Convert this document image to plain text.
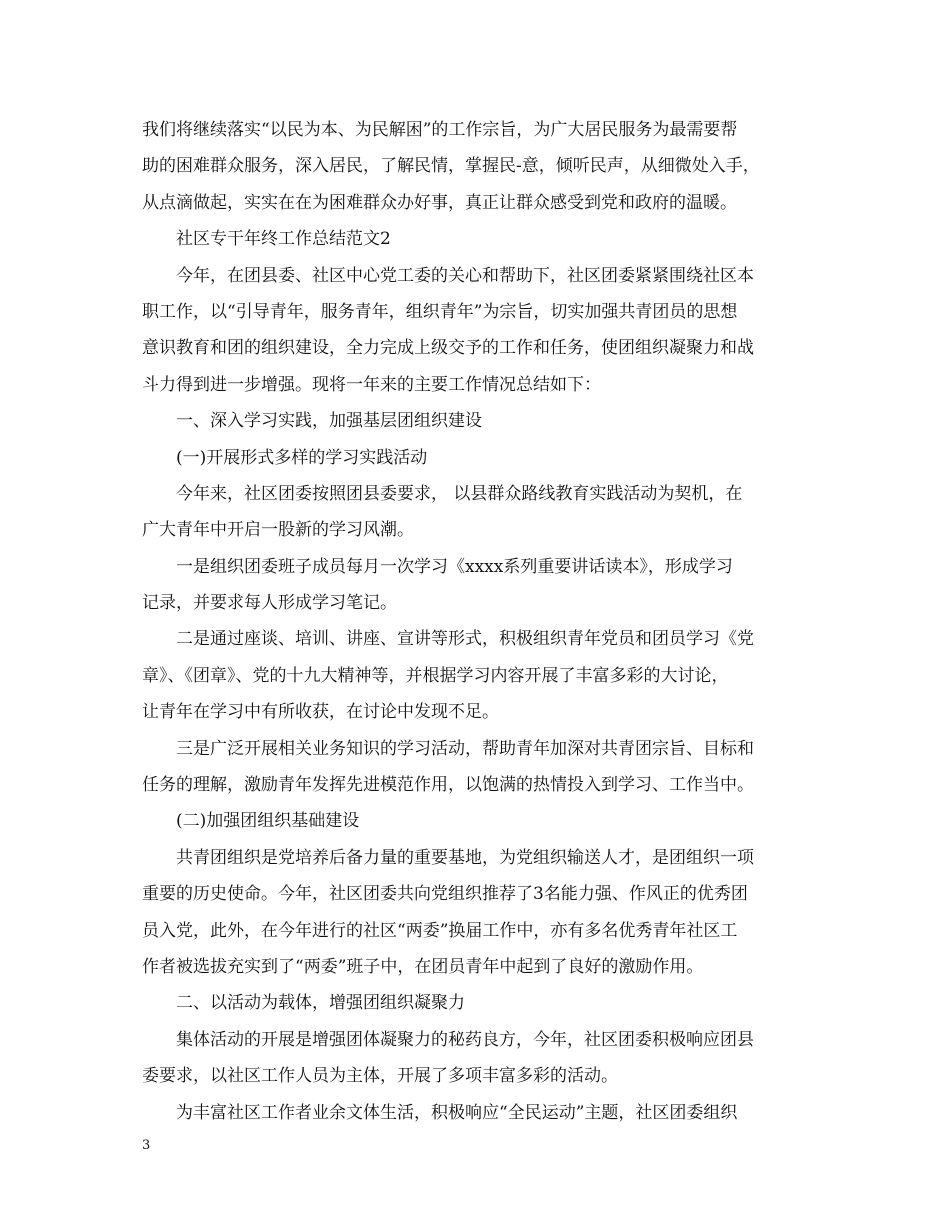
我们将继续落实“以民为本、为民解困”的工作宗旨，为广大居民服务为最需要帮
助的困难群众服务，深入居民，了解民情，掌握民-意，倾听民声，从细微处入手，
从点滴做起，实实在在为困难群众办好事，真正让群众感受到党和政府的温暖。
社区专干年终工作总结范文2
今年，在团县委、社区中心党工委的关心和帮助下，社区团委紧紧围绕社区本
职工作，以“引导青年，服务青年，组织青年”为宗旨，切实加强共青团员的思想
意识教育和团的组织建设，全力完成上级交予的工作和任务，使团组织凝聚力和战
斗力得到进一步增强。现将一年来的主要工作情况总结如下：
一、深入学习实践，加强基层团组织建设
(一)开展形式多样的学习实践活动
今年来，社区团委按照团县委要求， 以县群众路线教育实践活动为契机，在
广大青年中开启一股新的学习风潮。
一是组织团委班子成员每月一次学习《xxxx系列重要讲话读本》，形成学习
记录，并要求每人形成学习笔记。
二是通过座谈、培训、讲座、宣讲等形式，积极组织青年党员和团员学习《党
章》、《团章》、党的十九大精神等，并根据学习内容开展了丰富多彩的大讨论，
让青年在学习中有所收获，在讨论中发现不足。
三是广泛开展相关业务知识的学习活动，帮助青年加深对共青团宗旨、目标和
任务的理解，激励青年发挥先进模范作用，以饱满的热情投入到学习、工作当中。
(二)加强团组织基础建设
共青团组织是党培养后备力量的重要基地，为党组织输送人才，是团组织一项
重要的历史使命。今年，社区团委共向党组织推荐了3名能力强、作风正的优秀团
员入党，此外，在今年进行的社区“两委”换届工作中，亦有多名优秀青年社区工
作者被选拔充实到了“两委”班子中，在团员青年中起到了良好的激励作用。
二、以活动为载体，增强团组织凝聚力
集体活动的开展是增强团体凝聚力的秘药良方，今年，社区团委积极响应团县
委要求，以社区工作人员为主体，开展了多项丰富多彩的活动。
为丰富社区工作者业余文体生活，积极响应“全民运动”主题，社区团委组织
3
